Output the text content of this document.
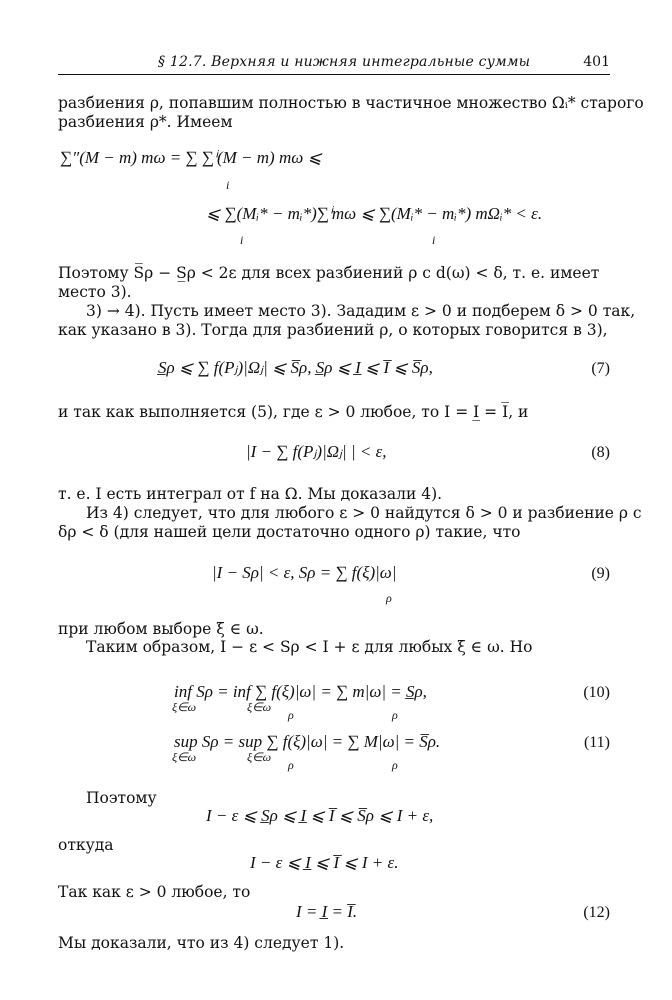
§ 12.7. Верхняя и нижняя интегральные суммы	401
разбиения ρ, попавшим полностью в частичное множество Ωᵢ* старого
разбиения ρ*. Имеем
∑″(M − m) mω = ∑ ∑ⁱ(M − m) mω ⩽
i
⩽ ∑(Mᵢ* − mᵢ*)∑ⁱmω ⩽ ∑(Mᵢ* − mᵢ*) mΩᵢ* < ε.
i	i
Поэтому S̅ρ − S̲ρ < 2ε для всех разбиений ρ с d(ω) < δ, т. е. имеет
место 3).
3) → 4). Пусть имеет место 3). Зададим ε > 0 и подберем δ > 0 так,
как указано в 3). Тогда для разбиений ρ, о которых говорится в 3),
S̲ρ ⩽ ∑ f(Pⱼ)|Ωⱼ| ⩽ S̅ρ, S̲ρ ⩽ I̲ ⩽ I̅ ⩽ S̅ρ,	(7)
и так как выполняется (5), где ε > 0 любое, то I = I̲ = I̅, и
|I − ∑ f(Pⱼ)|Ωⱼ| | < ε,	(8)
т. е. I есть интеграл от f на Ω. Мы доказали 4).
Из 4) следует, что для любого ε > 0 найдутся δ > 0 и разбиение ρ с
δρ < δ (для нашей цели достаточно одного ρ) такие, что
|I − Sρ| < ε, Sρ = ∑ f(ξ)|ω|
ρ
(9)
при любом выборе ξ ∈ ω.
Таким образом, I − ε < Sρ < I + ε для любых ξ ∈ ω. Но
inf Sρ = inf ∑ f(ξ)|ω| = ∑ m|ω| = S̲ρ,
ξ∈ω	ξ∈ω
ρ	ρ
(10)
sup Sρ = sup ∑ f(ξ)|ω| = ∑ M|ω| = S̅ρ.
ξ∈ω	ξ∈ω
ρ	ρ
(11)
Поэтому
I − ε ⩽ S̲ρ ⩽ I̲ ⩽ I̅ ⩽ S̅ρ ⩽ I + ε,
откуда
I − ε ⩽ I̲ ⩽ I̅ ⩽ I + ε.
Так как ε > 0 любое, то
I = I̲ = I̅.	(12)
Мы доказали, что из 4) следует 1).
